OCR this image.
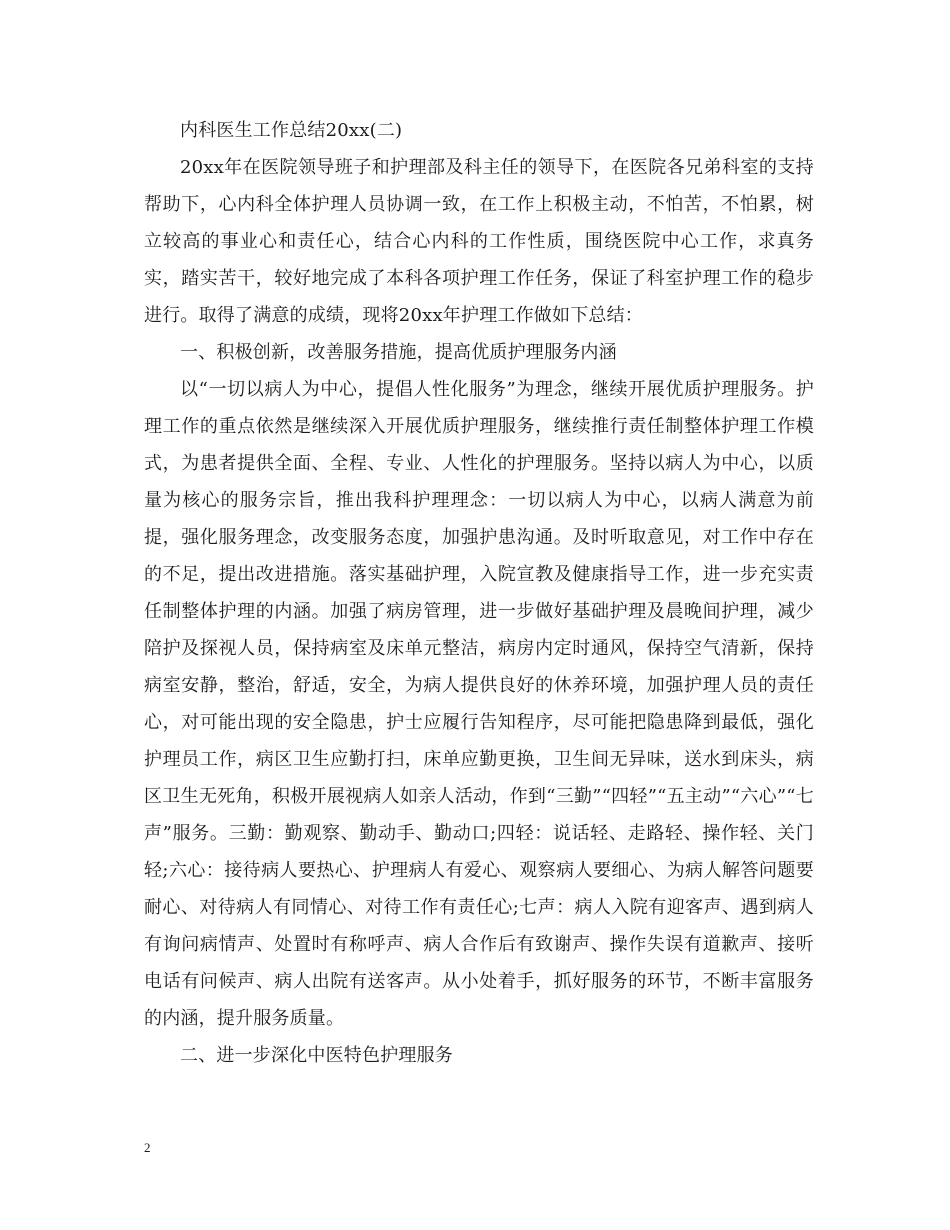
内科医生工作总结20xx(二)

20xx年在医院领导班子和护理部及科主任的领导下，在医院各兄弟科室的支持帮助下，心内科全体护理人员协调一致，在工作上积极主动，不怕苦，不怕累，树立较高的事业心和责任心，结合心内科的工作性质，围绕医院中心工作，求真务实，踏实苦干，较好地完成了本科各项护理工作任务，保证了科室护理工作的稳步进行。取得了满意的成绩，现将20xx年护理工作做如下总结：

一、积极创新，改善服务措施，提高优质护理服务内涵

以“一切以病人为中心，提倡人性化服务”为理念，继续开展优质护理服务。护理工作的重点依然是继续深入开展优质护理服务，继续推行责任制整体护理工作模式，为患者提供全面、全程、专业、人性化的护理服务。坚持以病人为中心，以质量为核心的服务宗旨，推出我科护理理念：一切以病人为中心，以病人满意为前提，强化服务理念，改变服务态度，加强护患沟通。及时听取意见，对工作中存在的不足，提出改进措施。落实基础护理，入院宣教及健康指导工作，进一步充实责任制整体护理的内涵。加强了病房管理，进一步做好基础护理及晨晚间护理，减少陪护及探视人员，保持病室及床单元整洁，病房内定时通风，保持空气清新，保持病室安静，整治，舒适，安全，为病人提供良好的休养环境，加强护理人员的责任心，对可能出现的安全隐患，护士应履行告知程序，尽可能把隐患降到最低，强化护理员工作，病区卫生应勤打扫，床单应勤更换，卫生间无异味，送水到床头，病区卫生无死角，积极开展视病人如亲人活动，作到“三勤”“四轻”“五主动”“六心”“七声”服务。三勤：勤观察、勤动手、勤动口;四轻：说话轻、走路轻、操作轻、关门轻;六心：接待病人要热心、护理病人有爱心、观察病人要细心、为病人解答问题要耐心、对待病人有同情心、对待工作有责任心;七声：病人入院有迎客声、遇到病人有询问病情声、处置时有称呼声、病人合作后有致谢声、操作失误有道歉声、接听电话有问候声、病人出院有送客声。从小处着手，抓好服务的环节，不断丰富服务的内涵，提升服务质量。

二、进一步深化中医特色护理服务

2
